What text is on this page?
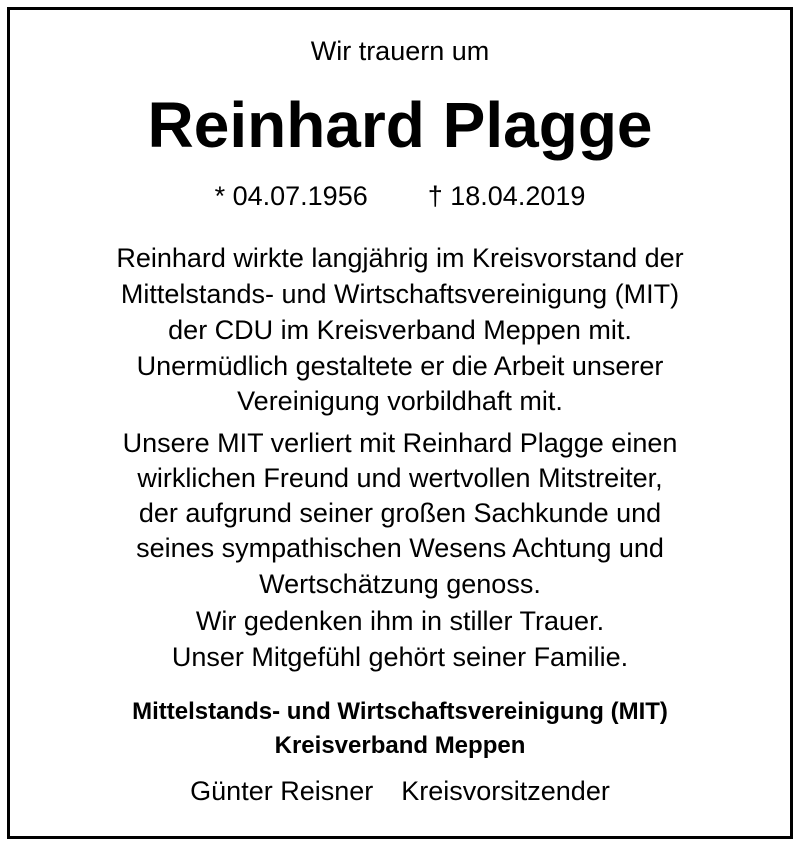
Wir trauern um
Reinhard Plagge
* 04.07.1956 † 18.04.2019
Reinhard wirkte langjährig im Kreisvorstand der
Mittelstands- und Wirtschaftsvereinigung (MIT)
der CDU im Kreisverband Meppen mit.
Unermüdlich gestaltete er die Arbeit unserer
Vereinigung vorbildhaft mit.
Unsere MIT verliert mit Reinhard Plagge einen
wirklichen Freund und wertvollen Mitstreiter,
der aufgrund seiner großen Sachkunde und
seines sympathischen Wesens Achtung und
Wertschätzung genoss.
Wir gedenken ihm in stiller Trauer.
Unser Mitgefühl gehört seiner Familie.
Mittelstands- und Wirtschaftsvereinigung (MIT)
Kreisverband Meppen
Günter Reisner Kreisvorsitzender
